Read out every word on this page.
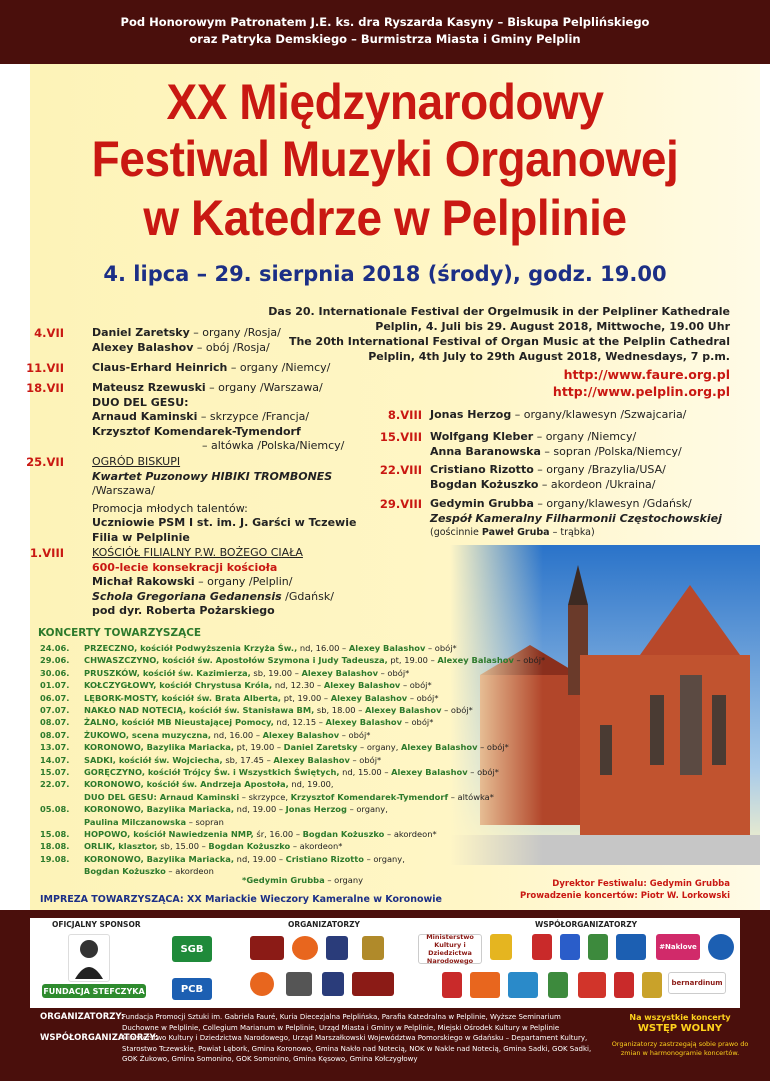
Pod Honorowym Patronatem J.E. ks. dra Ryszarda Kasyny – Biskupa Pelplińskiego
oraz Patryka Demskiego – Burmistrza Miasta i Gminy Pelplin
XX Międzynarodowy
Festiwal Muzyki Organowej
w Katedrze w Pelplinie
4. lipca – 29. sierpnia 2018 (środy), godz. 19.00
Das 20. Internationale Festival der Orgelmusik in der Pelpliner Kathedrale
Pelplin, 4. Juli bis 29. August 2018, Mittwoche, 19.00 Uhr
The 20th International Festival of Organ Music at the Pelplin Cathedral
Pelplin, 4th July to 29th August 2018, Wednesdays, 7 p.m.
http://www.faure.org.pl
http://www.pelplin.org.pl
4.VII	Daniel Zaretsky – organy /Rosja/
Alexey Balashov – obój /Rosja/
11.VII	Claus-Erhard Heinrich – organy /Niemcy/
18.VII	Mateusz Rzewuski – organy /Warszawa/
DUO DEL GESU:
Arnaud Kaminski – skrzypce /Francja/
Krzysztof Komendarek-Tymendorf
– altówka /Polska/Niemcy/
25.VII	OGRÓD BISKUPI
Kwartet Puzonowy HIBIKI TROMBONES
/Warszawa/
Promocja młodych talentów:
Uczniowie PSM I st. im. J. Garści w Tczewie
Filia w Pelplinie
1.VIII	KOŚCIÓŁ FILIALNY P.W. BOŻEGO CIAŁA
600-lecie konsekracji kościoła
Michał Rakowski – organy /Pelplin/
Schola Gregoriana Gedanensis /Gdańsk/
pod dyr. Roberta Pożarskiego
8.VIII Jonas Herzog – organy/klawesyn /Szwajcaria/
15.VIII Wolfgang Kleber – organy /Niemcy/
Anna Baranowska – sopran /Polska/Niemcy/
22.VIII Cristiano Rizotto – organy /Brazylia/USA/
Bogdan Kożuszko – akordeon /Ukraina/
29.VIII Gedymin Grubba – organy/klawesyn /Gdańsk/
Zespół Kameralny Filharmonii Częstochowskiej
(gościnnie Paweł Gruba – trąbka)
KONCERTY TOWARZYSZĄCE
24.06. PRZECZNO, kościół Podwyższenia Krzyża Św., nd, 16.00 – Alexey Balashov – obój*
29.06. CHWASZCZYNO, kościół św. Apostołów Szymona i Judy Tadeusza, pt, 19.00 – Alexey Balashov – obój*
30.06. PRUSZKÓW, kościół św. Kazimierza, sb, 19.00 – Alexey Balashov – obój*
01.07. KOŁCZYGŁOWY, kościół Chrystusa Króla, nd, 12.30 – Alexey Balashov – obój*
06.07. LĘBORK-MOSTY, kościół św. Brata Alberta, pt, 19.00 – Alexey Balashov – obój*
07.07. NAKŁO NAD NOTECIĄ, kościół św. Stanisława BM, sb, 18.00 – Alexey Balashov – obój*
08.07. ŻALNO, kościół MB Nieustającej Pomocy, nd, 12.15 – Alexey Balashov – obój*
08.07. ŻUKOWO, scena muzyczna, nd, 16.00 – Alexey Balashov – obój*
13.07. KORONOWO, Bazylika Mariacka, pt, 19.00 – Daniel Zaretsky – organy, Alexey Balashov – obój*
14.07. SADKI, kościół św. Wojciecha, sb, 17.45 – Alexey Balashov – obój*
15.07. GORĘCZYNO, kościół Trójcy Św. i Wszystkich Świętych, nd, 15.00 – Alexey Balashov – obój*
22.07. KORONOWO, kościół św. Andrzeja Apostoła, nd, 19.00,
DUO DEL GESU: Arnaud Kaminski – skrzypce, Krzysztof Komendarek-Tymendorf – altówka*
05.08. KORONOWO, Bazylika Mariacka, nd, 19.00 – Jonas Herzog – organy,
Paulina Milczanowska – sopran
15.08. HOPOWO, kościół Nawiedzenia NMP, śr, 16.00 – Bogdan Kożuszko – akordeon*
18.08. ORLIK, klasztor, sb, 15.00 – Bogdan Kożuszko – akordeon*
19.08. KORONOWO, Bazylika Mariacka, nd, 19.00 – Cristiano Rizotto – organy,
Bogdan Kożuszko – akordeon
*Gedymin Grubba – organy
IMPREZA TOWARZYSZĄCA: XX Mariackie Wieczory Kameralne w Koronowie
Dyrektor Festiwalu: Gedymin Grubba
Prowadzenie koncertów: Piotr W. Lorkowski
OFICJALNY SPONSOR	ORGANIZATORZY	WSPÓŁORGANIZATORZY
FUNDACJA STEFCZYKA
SGB
PCB
Ministerstwo Kultury i Dziedzictwa Narodowego
#Naklove
bernardinum
ORGANIZATORZY:
Fundacja Promocji Sztuki im. Gabriela Fauré, Kuria Diecezjalna Pelplińska, Parafia Katedralna w Pelplinie, Wyższe Seminarium Duchowne w Pelplinie, Collegium Marianum w Pelplinie, Urząd Miasta i Gminy w Pelplinie, Miejski Ośrodek Kultury w Pelplinie
WSPÓŁORGANIZATORZY:
Ministerstwo Kultury i Dziedzictwa Narodowego, Urząd Marszałkowski Województwa Pomorskiego w Gdańsku – Departament Kultury, Starostwo Tczewskie, Powiat Lębork, Gmina Koronowo, Gmina Nakło nad Notecią, NOK w Nakle nad Notecią, Gmina Sadki, GOK Sadki, GOK Żukowo, Gmina Somonino, GOK Somonino, Gmina Kęsowo, Gmina Kołczygłowy
Na wszystkie koncerty
WSTĘP WOLNY
Organizatorzy zastrzegają sobie prawo do zmian w harmonogramie koncertów.
